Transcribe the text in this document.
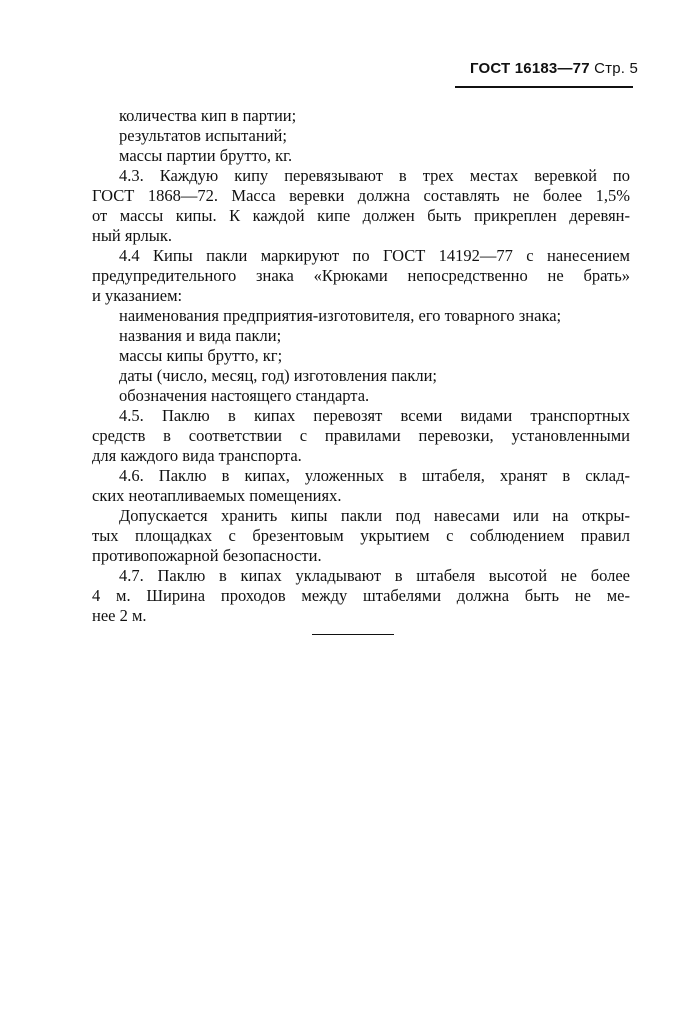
ГОСТ 16183—77 Стр. 5
количества кип в партии;
результатов испытаний;
массы партии брутто, кг.
4.3. Каждую кипу перевязывают в трех местах веревкой по
ГОСТ 1868—72. Масса веревки должна составлять не более 1,5%
от массы кипы. К каждой кипе должен быть прикреплен деревян-
ный ярлык.
4.4 Кипы пакли маркируют по ГОСТ 14192—77 с нанесением
предупредительного знака «Крюками непосредственно не брать»
и указанием:
наименования предприятия-изготовителя, его товарного знака;
названия и вида пакли;
массы кипы брутто, кг;
даты (число, месяц, год) изготовления пакли;
обозначения настоящего стандарта.
4.5. Паклю в кипах перевозят всеми видами транспортных
средств в соответствии с правилами перевозки, установленными
для каждого вида транспорта.
4.6. Паклю в кипах, уложенных в штабеля, хранят в склад-
ских неотапливаемых помещениях.
Допускается хранить кипы пакли под навесами или на откры-
тых площадках с брезентовым укрытием с соблюдением правил
противопожарной безопасности.
4.7. Паклю в кипах укладывают в штабеля высотой не более
4 м. Ширина проходов между штабелями должна быть не ме-
нее 2 м.
